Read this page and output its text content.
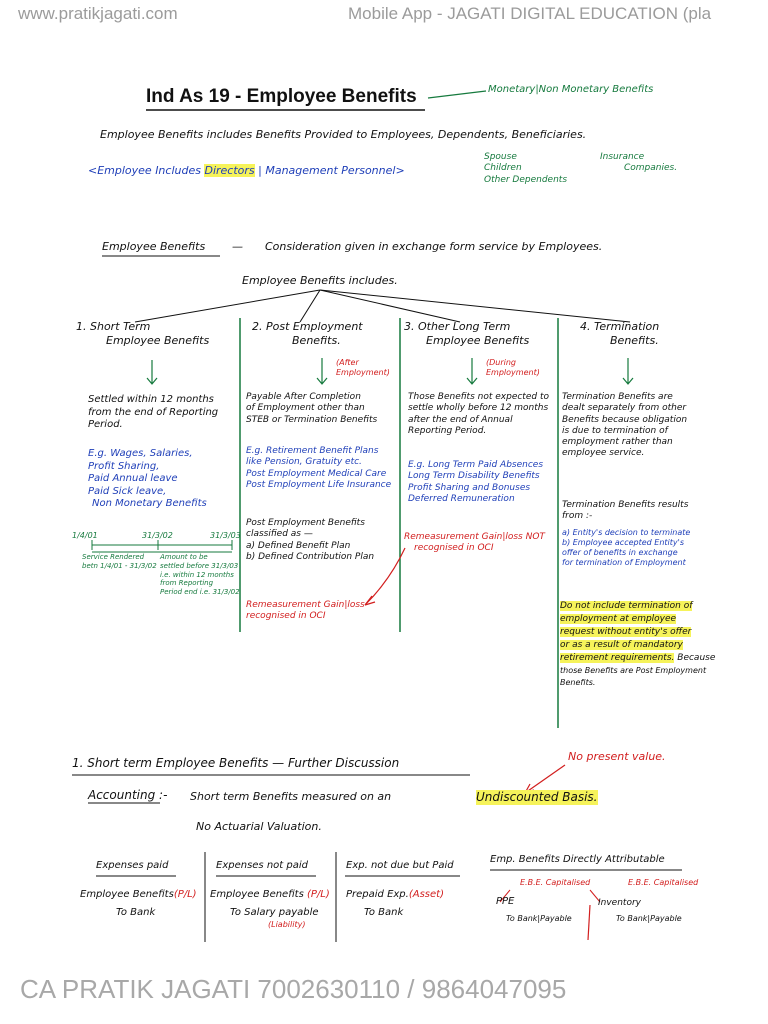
www.pratikjagati.com	Mobile App - JAGATI DIGITAL EDUCATION (pla
CA PRATIK JAGATI 7002630110 / 9864047095
Ind As 19 - Employee Benefits	Monetary|Non Monetary Benefits
Employee Benefits includes Benefits Provided to Employees, Dependents, Beneficiaries.
<Employee Includes Directors | Management Personnel>
Spouse
Children
Other Dependents
Insurance
Companies.
Employee Benefits — Consideration given in exchange form service by Employees.
Employee Benefits includes.
1. Short Term
Employee Benefits
Settled within 12 months
from the end of Reporting
Period.
E.g. Wages, Salaries,
Profit Sharing,
Paid Annual leave
Paid Sick leave,
Non Monetary Benefits
1/4/01	31/3/02	31/3/03
Service Rendered
betn 1/4/01 - 31/3/02
Amount to be
settled before 31/3/03
i.e. within 12 months
from Reporting
Period end i.e. 31/3/02
2. Post Employment
Benefits.
(After
Employment)
Payable After Completion
of Employment other than
STEB or Termination Benefits
E.g. Retirement Benefit Plans
like Pension, Gratuity etc.
Post Employment Medical Care
Post Employment Life Insurance
Post Employment Benefits
classified as —
a) Defined Benefit Plan
b) Defined Contribution Plan
Remeasurement Gain|loss
recognised in OCI
3. Other Long Term
Employee Benefits
(During
Employment)
Those Benefits not expected to
settle wholly before 12 months
after the end of Annual
Reporting Period.
E.g. Long Term Paid Absences
Long Term Disability Benefits
Profit Sharing and Bonuses
Deferred Remuneration
Remeasurement Gain|loss NOT
recognised in OCI
4. Termination
Benefits.
Termination Benefits are
dealt separately from other
Benefits because obligation
is due to termination of
employment rather than
employee service.
Termination Benefits results
from :-
a) Entity's decision to terminate
b) Employee accepted Entity's
offer of benefits in exchange
for termination of Employment
Do not include termination of
employment at employee
request without entity's offer
or as a result of mandatory
retirement requirements. Because
those Benefits are Post Employment
Benefits.
1. Short term Employee Benefits — Further Discussion	No present value.
Accounting :- Short term Benefits measured on an	Undiscounted Basis.
No Actuarial Valuation.
Expenses paid
Employee Benefits(P/L)
To Bank
Expenses not paid
Employee Benefits (P/L)
To Salary payable
(Liability)
Exp. not due but Paid
Prepaid Exp.(Asset)
To Bank
Emp. Benefits Directly Attributable
E.B.E. Capitalised	E.B.E. Capitalised
PPE
To Bank|Payable
Inventory
To Bank|Payable
